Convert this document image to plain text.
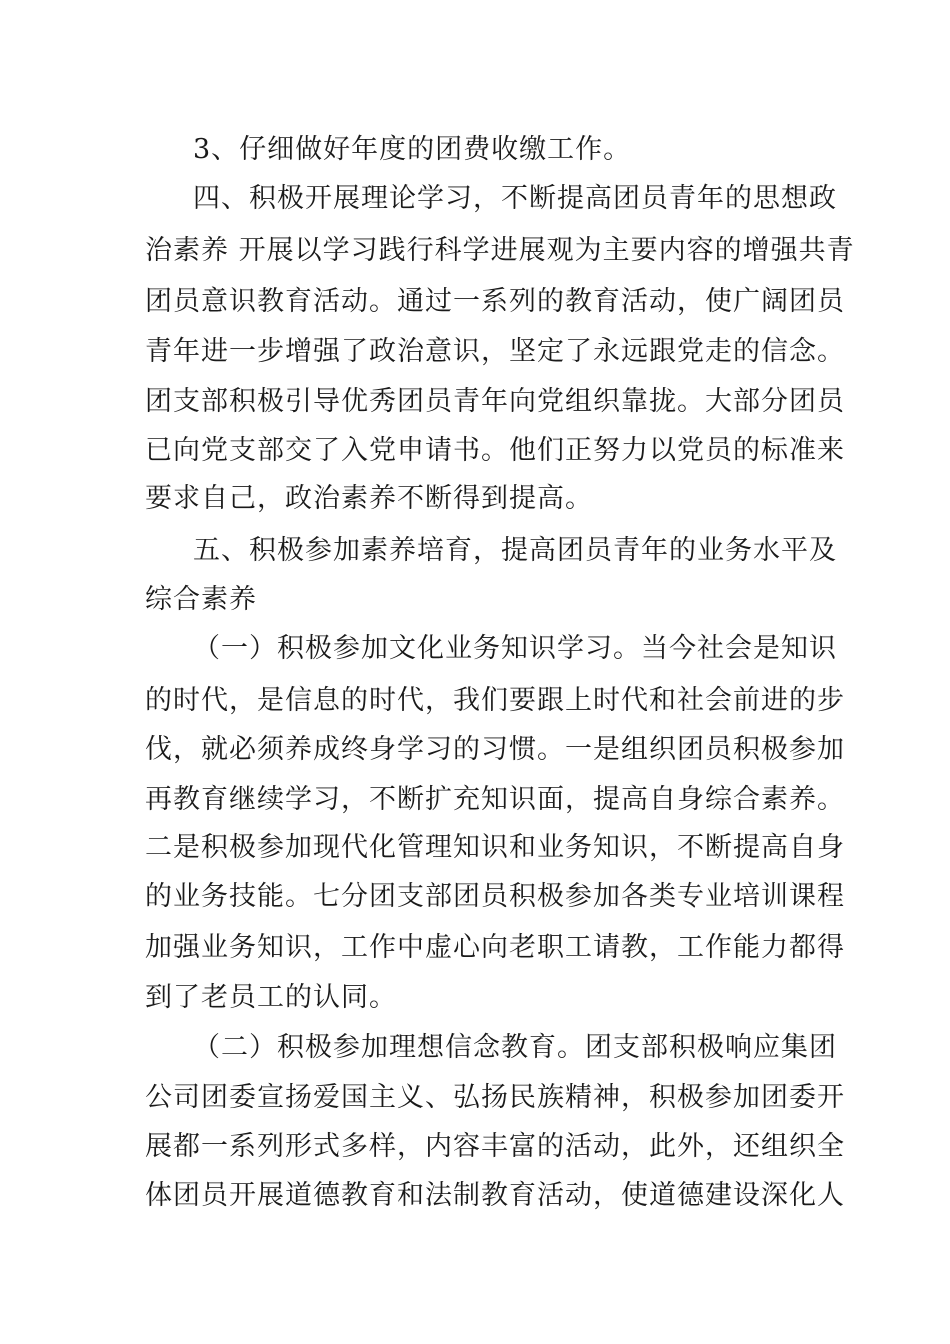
3、仔细做好年度的团费收缴工作。
四、积极开展理论学习，不断提高团员青年的思想政
治素养 开展以学习践行科学进展观为主要内容的增强共青
团员意识教育活动。通过一系列的教育活动，使广阔团员
青年进一步增强了政治意识，坚定了永远跟党走的信念。
团支部积极引导优秀团员青年向党组织靠拢。大部分团员
已向党支部交了入党申请书。他们正努力以党员的标准来
要求自己，政治素养不断得到提高。
五、积极参加素养培育，提高团员青年的业务水平及
综合素养
（一）积极参加文化业务知识学习。当今社会是知识
的时代，是信息的时代，我们要跟上时代和社会前进的步
伐，就必须养成终身学习的习惯。一是组织团员积极参加
再教育继续学习，不断扩充知识面，提高自身综合素养。
二是积极参加现代化管理知识和业务知识，不断提高自身
的业务技能。七分团支部团员积极参加各类专业培训课程
加强业务知识，工作中虚心向老职工请教，工作能力都得
到了老员工的认同。
（二）积极参加理想信念教育。团支部积极响应集团
公司团委宣扬爱国主义、弘扬民族精神，积极参加团委开
展都一系列形式多样，内容丰富的活动，此外，还组织全
体团员开展道德教育和法制教育活动，使道德建设深化人
